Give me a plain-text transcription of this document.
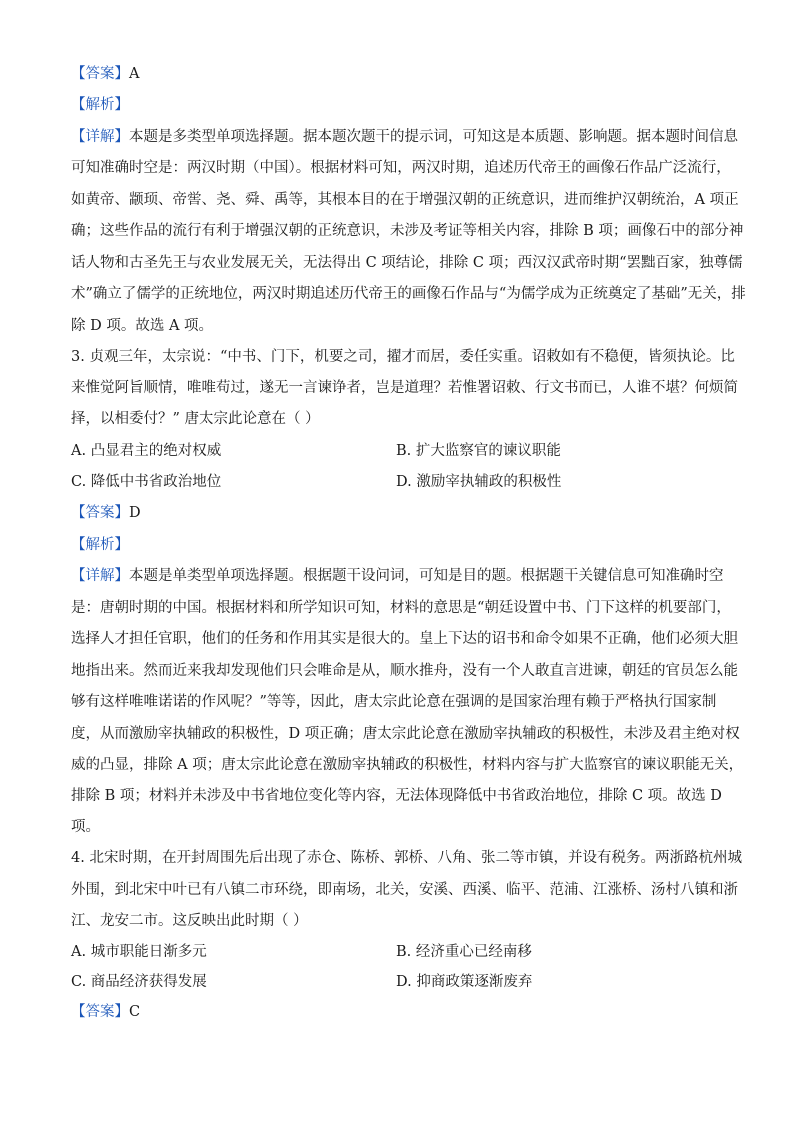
【答案】A
【解析】
【详解】本题是多类型单项选择题。据本题次题干的提示词，可知这是本质题、影响题。据本题时间信息
可知准确时空是：两汉时期（中国）。根据材料可知，两汉时期，追述历代帝王的画像石作品广泛流行，
如黄帝、颛顼、帝喾、尧、舜、禹等，其根本目的在于增强汉朝的正统意识，进而维护汉朝统治，A 项正
确；这些作品的流行有利于增强汉朝的正统意识，未涉及考证等相关内容，排除 B 项；画像石中的部分神
话人物和古圣先王与农业发展无关，无法得出 C 项结论，排除 C 项；西汉汉武帝时期“罢黜百家，独尊儒
术”确立了儒学的正统地位，两汉时期追述历代帝王的画像石作品与“为儒学成为正统奠定了基础”无关，排
除 D 项。故选 A 项。
3. 贞观三年，太宗说：“中书、门下，机要之司，擢才而居，委任实重。诏敕如有不稳便，皆须执论。比
来惟觉阿旨顺情，唯唯苟过，遂无一言谏诤者，岂是道理？若惟署诏敕、行文书而已，人谁不堪？何烦简
择，以相委付？” 唐太宗此论意在（ ）
A. 凸显君主的绝对权威	B. 扩大监察官的谏议职能
C. 降低中书省政治地位	D. 激励宰执辅政的积极性
【答案】D
【解析】
【详解】本题是单类型单项选择题。根据题干设问词，可知是目的题。根据题干关键信息可知准确时空
是：唐朝时期的中国。根据材料和所学知识可知，材料的意思是“朝廷设置中书、门下这样的机要部门，
选择人才担任官职，他们的任务和作用其实是很大的。皇上下达的诏书和命令如果不正确，他们必须大胆
地指出来。然而近来我却发现他们只会唯命是从，顺水推舟，没有一个人敢直言进谏，朝廷的官员怎么能
够有这样唯唯诺诺的作风呢？”等等，因此，唐太宗此论意在强调的是国家治理有赖于严格执行国家制
度，从而激励宰执辅政的积极性，D 项正确；唐太宗此论意在激励宰执辅政的积极性，未涉及君主绝对权
威的凸显，排除 A 项；唐太宗此论意在激励宰执辅政的积极性，材料内容与扩大监察官的谏议职能无关，
排除 B 项；材料并未涉及中书省地位变化等内容，无法体现降低中书省政治地位，排除 C 项。故选 D
项。
4. 北宋时期，在开封周围先后出现了赤仓、陈桥、郭桥、八角、张二等市镇，并设有税务。两浙路杭州城
外围，到北宋中叶已有八镇二市环绕，即南场，北关，安溪、西溪、临平、范浦、江涨桥、汤村八镇和浙
江、龙安二市。这反映出此时期（ ）
A. 城市职能日渐多元	B. 经济重心已经南移
C. 商品经济获得发展	D. 抑商政策逐渐废弃
【答案】C
